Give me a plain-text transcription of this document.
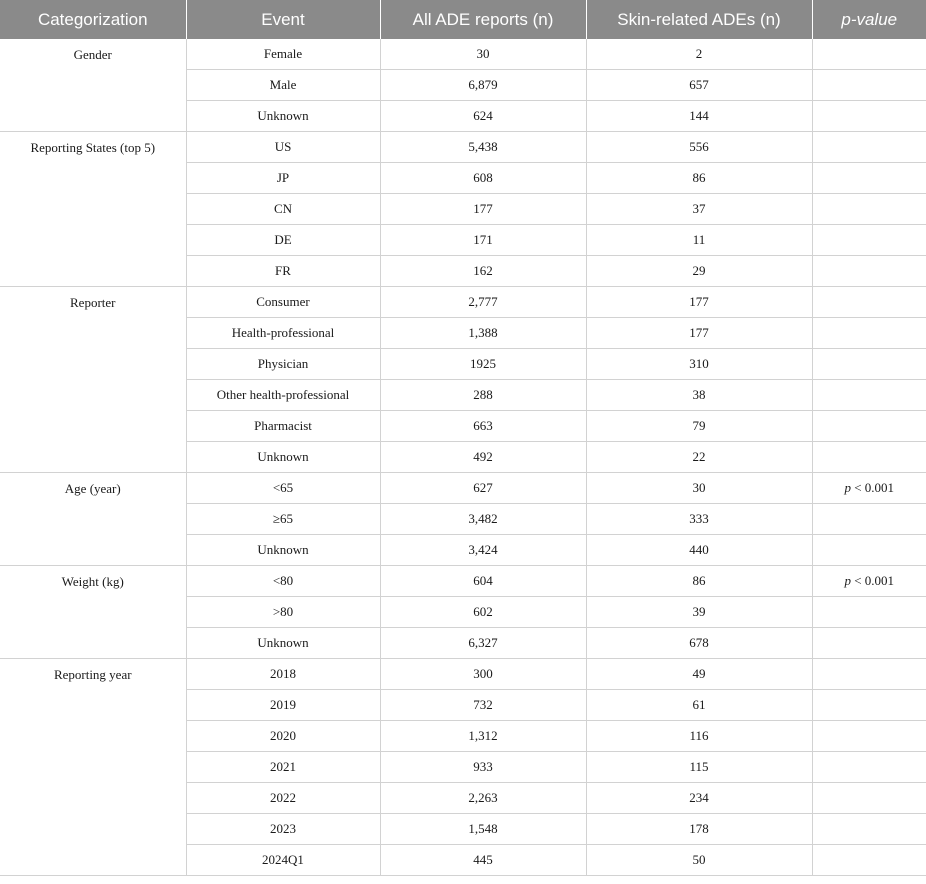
Categorization	Event	All ADE reports (n)	Skin-related ADEs (n)	p-value
Gender	Female	30	2	
	Male	6,879	657	
	Unknown	624	144	
Reporting States (top 5)	US	5,438	556	
	JP	608	86	
	CN	177	37	
	DE	171	11	
	FR	162	29	
Reporter	Consumer	2,777	177	
	Health-professional	1,388	177	
	Physician	1925	310	
	Other health-professional	288	38	
	Pharmacist	663	79	
	Unknown	492	22	
Age (year)	<65	627	30	p < 0.001
	≥65	3,482	333	
	Unknown	3,424	440	
Weight (kg)	<80	604	86	p < 0.001
	>80	602	39	
	Unknown	6,327	678	
Reporting year	2018	300	49	
	2019	732	61	
	2020	1,312	116	
	2021	933	115	
	2022	2,263	234	
	2023	1,548	178	
	2024Q1	445	50	
